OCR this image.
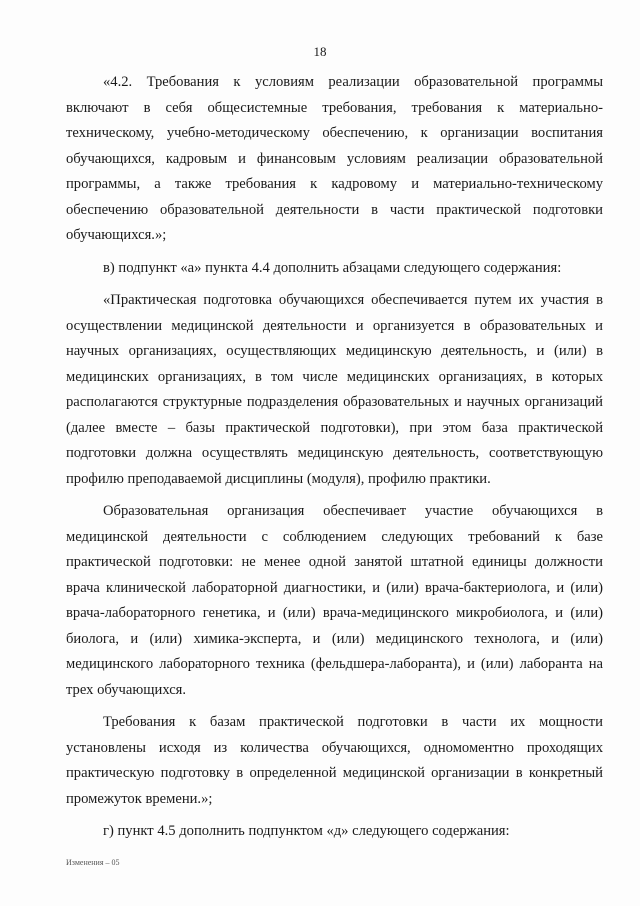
18

«4.2. Требования к условиям реализации образовательной программы включают в себя общесистемные требования, требования к материально-техническому, учебно-методическому обеспечению, к организации воспитания обучающихся, кадровым и финансовым условиям реализации образовательной программы, а также требования к кадровому и материально-техническому обеспечению образовательной деятельности в части практической подготовки обучающихся.»;

в) подпункт «а» пункта 4.4 дополнить абзацами следующего содержания:

«Практическая подготовка обучающихся обеспечивается путем их участия в осуществлении медицинской деятельности и организуется в образовательных и научных организациях, осуществляющих медицинскую деятельность, и (или) в медицинских организациях, в том числе медицинских организациях, в которых располагаются структурные подразделения образовательных и научных организаций (далее вместе – базы практической подготовки), при этом база практической подготовки должна осуществлять медицинскую деятельность, соответствующую профилю преподаваемой дисциплины (модуля), профилю практики.

Образовательная организация обеспечивает участие обучающихся в медицинской деятельности с соблюдением следующих требований к базе практической подготовки: не менее одной занятой штатной единицы должности врача клинической лабораторной диагностики, и (или) врача-бактериолога, и (или) врача-лабораторного генетика, и (или) врача-медицинского микробиолога, и (или) биолога, и (или) химика-эксперта, и (или) медицинского технолога, и (или) медицинского лабораторного техника (фельдшера-лаборанта), и (или) лаборанта на трех обучающихся.

Требования к базам практической подготовки в части их мощности установлены исходя из количества обучающихся, одномоментно проходящих практическую подготовку в определенной медицинской организации в конкретный промежуток времени.»;

г) пункт 4.5 дополнить подпунктом «д» следующего содержания:

Изменения – 05
